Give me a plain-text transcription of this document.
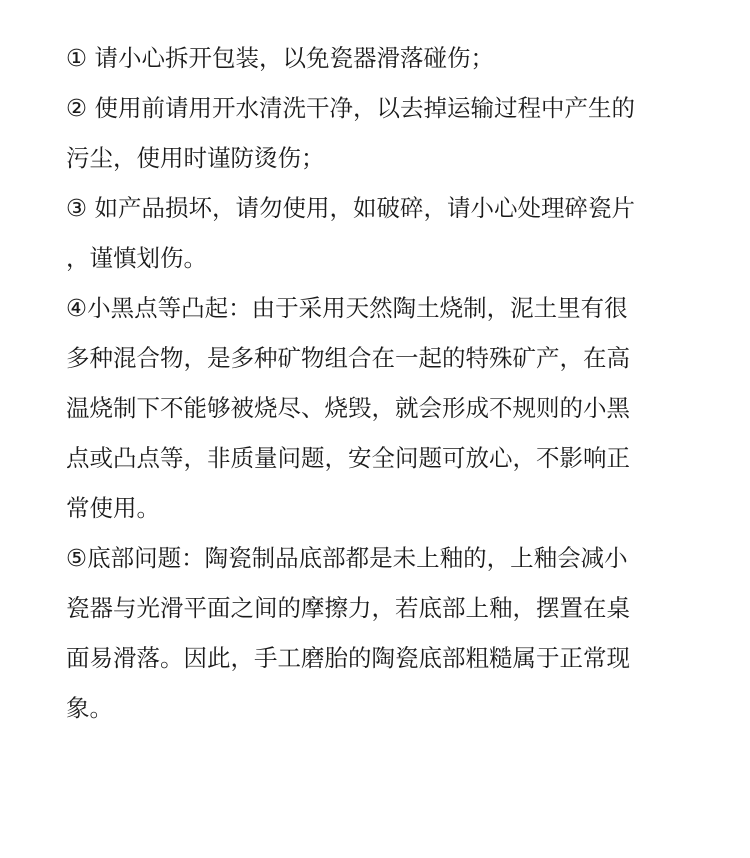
① 请小心拆开包装，以免瓷器滑落碰伤；
② 使用前请用开水清洗干净，以去掉运输过程中产生的
污尘，使用时谨防烫伤；
③ 如产品损坏，请勿使用，如破碎，请小心处理碎瓷片
，谨慎划伤。
④小黑点等凸起：由于采用天然陶土烧制，泥土里有很
多种混合物，是多种矿物组合在一起的特殊矿产，在高
温烧制下不能够被烧尽、烧毁，就会形成不规则的小黑
点或凸点等，非质量问题，安全问题可放心，不影响正
常使用。
⑤底部问题：陶瓷制品底部都是未上釉的，上釉会减小
瓷器与光滑平面之间的摩擦力，若底部上釉，摆置在桌
面易滑落。因此，手工磨胎的陶瓷底部粗糙属于正常现
象。
